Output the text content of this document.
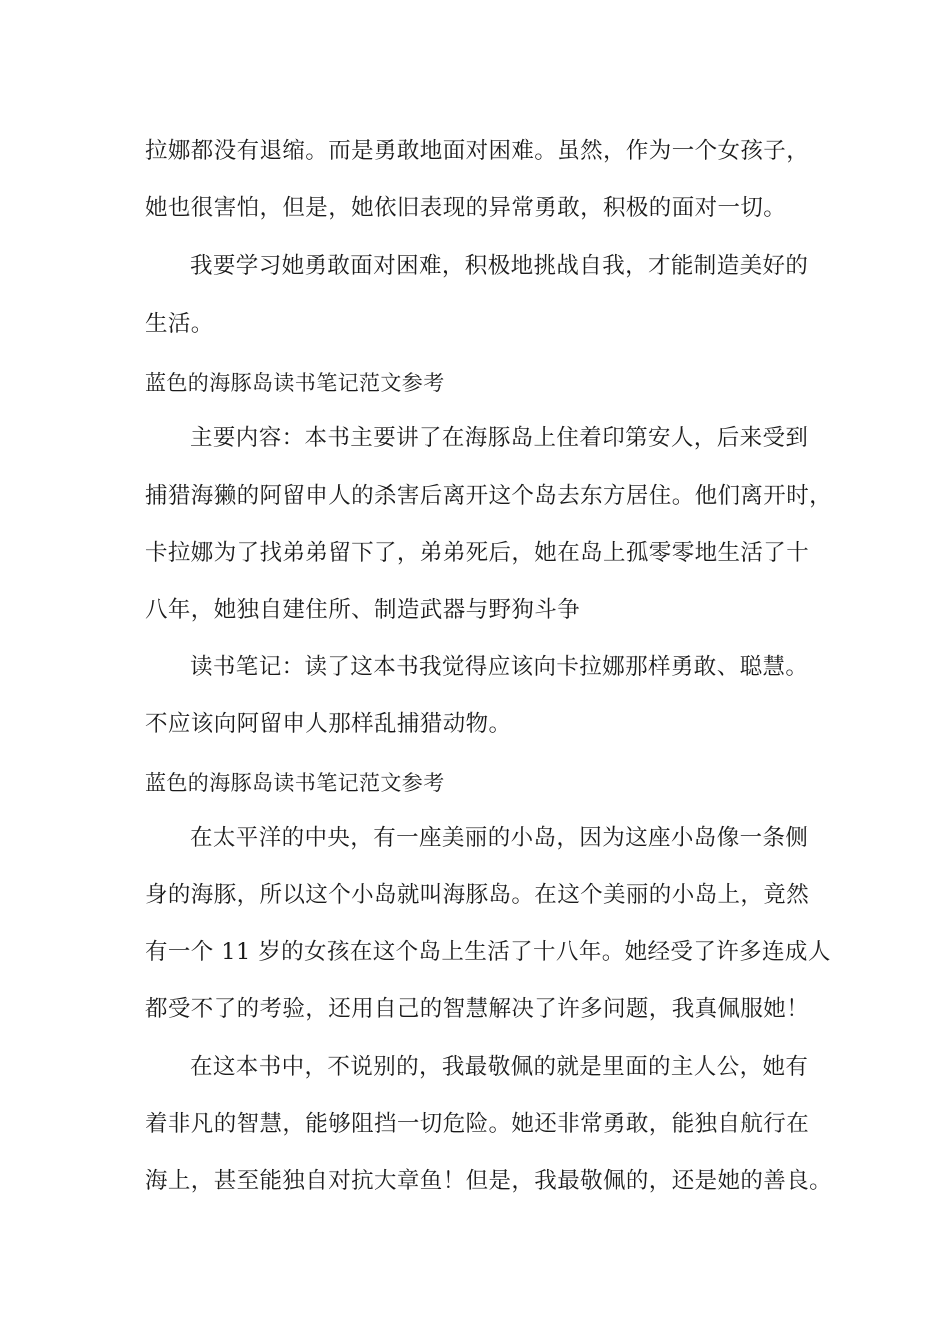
拉娜都没有退缩。而是勇敢地面对困难。虽然，作为一个女孩子，
她也很害怕，但是，她依旧表现的异常勇敢，积极的面对一切。
我要学习她勇敢面对困难，积极地挑战自我，才能制造美好的
生活。
蓝色的海豚岛读书笔记范文参考
主要内容：本书主要讲了在海豚岛上住着印第安人，后来受到
捕猎海獭的阿留申人的杀害后离开这个岛去东方居住。他们离开时，
卡拉娜为了找弟弟留下了，弟弟死后，她在岛上孤零零地生活了十
八年，她独自建住所、制造武器与野狗斗争
读书笔记：读了这本书我觉得应该向卡拉娜那样勇敢、聪慧。
不应该向阿留申人那样乱捕猎动物。
蓝色的海豚岛读书笔记范文参考
在太平洋的中央，有一座美丽的小岛，因为这座小岛像一条侧
身的海豚，所以这个小岛就叫海豚岛。在这个美丽的小岛上，竟然
有一个 11 岁的女孩在这个岛上生活了十八年。她经受了许多连成人
都受不了的考验，还用自己的智慧解决了许多问题，我真佩服她！
在这本书中，不说别的，我最敬佩的就是里面的主人公，她有
着非凡的智慧，能够阻挡一切危险。她还非常勇敢，能独自航行在
海上，甚至能独自对抗大章鱼！但是，我最敬佩的，还是她的善良。
